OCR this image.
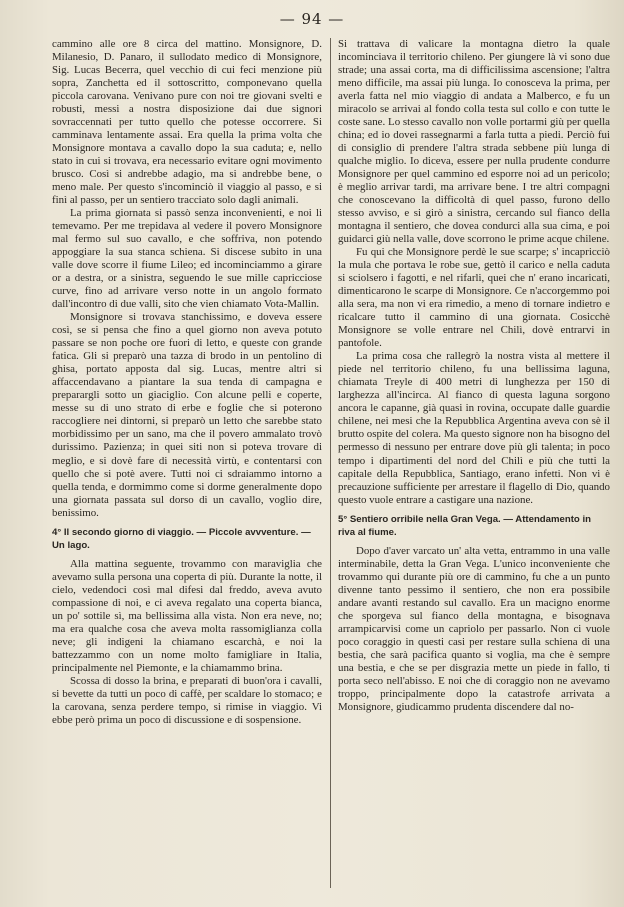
— 94 —

cammino alle ore 8 circa del mattino. Monsignore, D. Milanesio, D. Panaro, il sullodato medico di Monsignore, Sig. Lucas Becerra, quel vecchio di cui feci menzione più sopra, Zanchetta ed il sottoscritto, componevano quella piccola carovana. Venivano pure con noi tre giovani svelti e robusti, messi a nostra disposizione dai due signori sovraccennati per tutto quello che potesse occorrere. Si camminava lentamente assai. Era quella la prima volta che Monsignore montava a cavallo dopo la sua caduta; e, nello stato in cui si trovava, era necessario evitare ogni movimento brusco. Così si andrebbe adagio, ma si andrebbe bene, o meno male. Per questo s'incominciò il viaggio al passo, e si finì al passo, per un sentiero tracciato solo dagli animali.

La prima giornata si passò senza inconvenienti, e noi li temevamo. Per me trepidava al vedere il povero Monsignore mal fermo sul suo cavallo, e che soffriva, non potendo appoggiare la sua stanca schiena. Si discese subito in una valle dove scorre il fiume Lileo; ed incominciammo a girare or a destra, or a sinistra, seguendo le sue mille capricciose curve, fino ad arrivare verso notte in un angolo formato dall'incontro di due valli, sito che vien chiamato Vota-Mallin.

Monsignore si trovava stanchissimo, e doveva essere così, se si pensa che fino a quel giorno non aveva potuto passare se non poche ore fuori di letto, e queste con grande fatica. Gli si preparò una tazza di brodo in un pentolino di ghisa, portato apposta dal sig. Lucas, mentre altri si affaccendavano a piantare la sua tenda di campagna e preparargli sotto un giaciglio. Con alcune pelli e coperte, messe su di uno strato di erbe e foglie che si poterono raccogliere nei dintorni, si preparò un letto che sarebbe stato morbidissimo per un sano, ma che il povero ammalato trovò durissimo. Pazienza; in quei siti non si poteva trovare di meglio, e si dovè fare di necessità virtù, e contentarsi con quello che si potè avere. Tutti noi ci sdraiammo intorno a quella tenda, e dormimmo come si dorme generalmente dopo una giornata passata sul dorso di un cavallo, voglio dire, benissimo.

4° Il secondo giorno di viaggio. — Piccole avvventure. — Un lago.

Alla mattina seguente, trovammo con maraviglia che avevamo sulla persona una coperta di più. Durante la notte, il cielo, vedendoci così mal difesi dal freddo, aveva avuto compassione di noi, e ci aveva regalato una coperta bianca, un po' sottile sì, ma bellissima alla vista. Non era neve, no; ma era qualche cosa che aveva molta rassomiglianza colla neve; gli indigeni la chiamano escarchà, e noi la battezzammo con un nome molto famigliare in Italia, principalmente nel Piemonte, e la chiamammo brina.

Scossa di dosso la brina, e preparati di buon'ora i cavalli, si bevette da tutti un poco di caffè, per scaldare lo stomaco; e la carovana, senza perdere tempo, si rimise in viaggio. Vi ebbe però prima un poco di discussione e di sospensione.

Si trattava di valicare la montagna dietro la quale incominciava il territorio chileno. Per giungere là vi sono due strade; una assai corta, ma di difficilissima ascensione; l'altra meno difficile, ma assai più lunga. Io conosceva la prima, per averla fatta nel mio viaggio di andata a Malberco, e fu un miracolo se arrivai al fondo colla testa sul collo e con tutte le coste sane. Lo stesso cavallo non volle portarmi giù per quella china; ed io dovei rassegnarmi a farla tutta a piedi. Perciò fui di consiglio di prendere l'altra strada sebbene più lunga di qualche miglio. Io diceva, essere per nulla prudente condurre Monsignore per quel cammino ed esporre noi ad un pericolo; è meglio arrivar tardi, ma arrivare bene. I tre altri compagni che conoscevano la difficoltà di quel passo, furono dello stesso avviso, e si girò a sinistra, cercando sul fianco della montagna il sentiero, che dovea condurci alla sua cima, e poi guidarci giù nella valle, dove scorrono le prime acque chilene.

Fu qui che Monsignore perdè le sue scarpe; s' incapricciò la mula che portava le robe sue, gettò il carico e nella caduta si sciolsero i fagotti, e nel rifarli, quei che n' erano incaricati, dimenticarono le scarpe di Monsignore. Ce n'accorgemmo poi alla sera, ma non vi era rimedio, a meno di tornare indietro e ricalcare tutto il cammino di una giornata. Cosicchè Monsignore se volle entrare nel Chilì, dovè entrarvi in pantofole.

La prima cosa che rallegrò la nostra vista al mettere il piede nel territorio chileno, fu una bellissima laguna, chiamata Treyle di 400 metri di lunghezza per 150 di larghezza all'incirca. Al fianco di questa laguna sorgono ancora le capanne, già quasi in rovina, occupate dalle guardie chilene, nei mesi che la Repubblica Argentina aveva con sè il brutto ospite del colera. Ma questo signore non ha bisogno del permesso di nessuno per entrare dove più gli talenta; in poco tempo i dipartimenti del nord del Chilì e più che tutti la capitale della Repubblica, Santiago, erano infetti. Non vi è precauzione sufficiente per arrestare il flagello di Dio, quando questo vuole entrare a castigare una nazione.

5° Sentiero orribile nella Gran Vega. — Attendamento in riva al fiume.

Dopo d'aver varcato un' alta vetta, entrammo in una valle interminabile, detta la Gran Vega. L'unico inconveniente che trovammo qui durante più ore di cammino, fu che a un punto divenne tanto pessimo il sentiero, che non era possibile andare avanti restando sul cavallo. Era un macigno enorme che sporgeva sul fianco della montagna, e bisognava arrampicarvisi come un capriolo per passarlo. Non ci vuole poco coraggio in questi casi per restare sulla schiena di una bestia, che sarà pacifica quanto si voglia, ma che è sempre una bestia, e che se per disgrazia mette un piede in fallo, ti porta seco nell'abisso. E noi che di coraggio non ne avevamo troppo, principalmente dopo la catastrofe arrivata a Monsignore, giudicammo prudenta discendere dal no-
